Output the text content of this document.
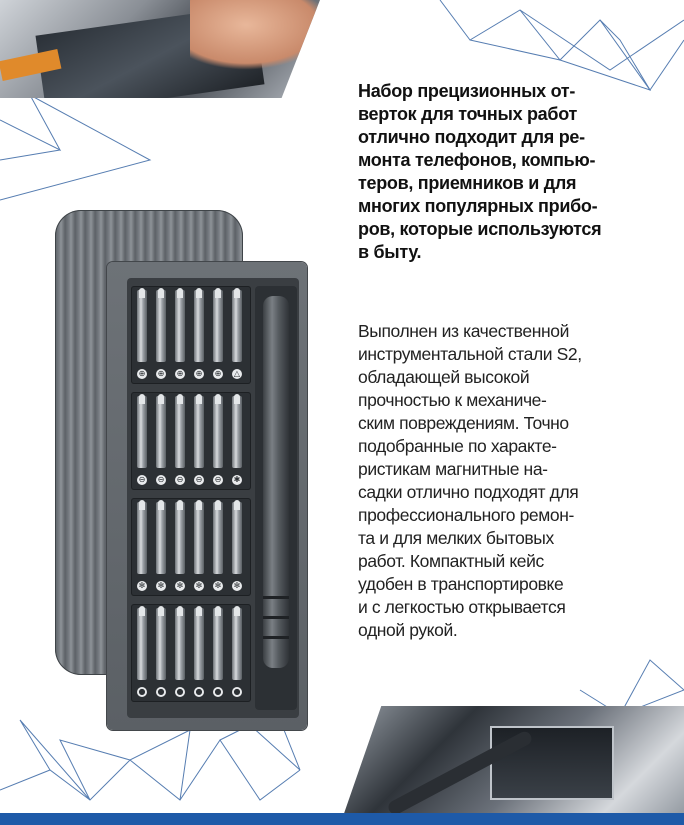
⊕ ⊕ ⊕ ⊕ ⊕ △
⊖ ⊖ ⊖ ⊖ ⊖ ✱
✻ ✻ ✻ ✻ ✻ ✻
● ● ● ● ● ●
Набор прецизионных от-
верток для точных работ
отлично подходит для ре-
монта телефонов, компью-
теров, приемников и для
многих популярных прибо-
ров, которые используются
в быту.

Выполнен из качественной
инструментальной стали S2,
обладающей высокой
прочностью к механиче-
ским повреждениям. Точно
подобранные по характе-
ристикам магнитные на-
садки отлично подходят для
профессионального ремон-
та и для мелких бытовых
работ. Компактный кейс
удобен в транспортировке
и с легкостью открывается
одной рукой.
